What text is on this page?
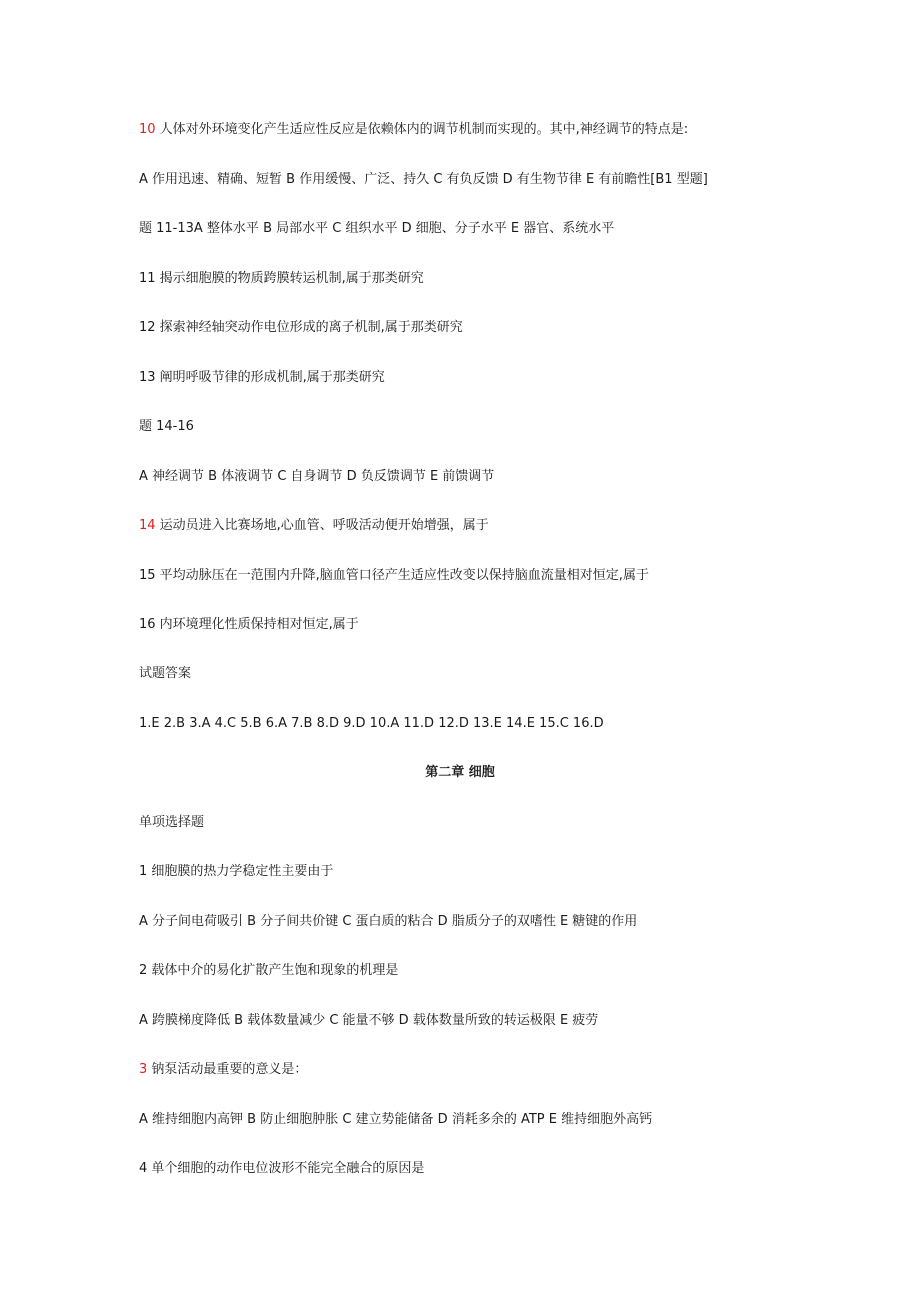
10 人体对外环境变化产生适应性反应是依赖体内的调节机制而实现的。其中,神经调节的特点是:
A 作用迅速、精确、短暂 B 作用缓慢、广泛、持久 C 有负反馈 D 有生物节律 E 有前瞻性[B1 型题]
题 11-13A 整体水平 B 局部水平 C 组织水平 D 细胞、分子水平 E 器官、系统水平
11 揭示细胞膜的物质跨膜转运机制,属于那类研究
12 探索神经轴突动作电位形成的离子机制,属于那类研究
13 阐明呼吸节律的形成机制,属于那类研究
题 14-16
A 神经调节 B 体液调节 C 自身调节 D 负反馈调节 E 前馈调节
14 运动员进入比赛场地,心血管、呼吸活动便开始增强，属于
15 平均动脉压在一范围内升降,脑血管口径产生适应性改变以保持脑血流量相对恒定,属于
16 内环境理化性质保持相对恒定,属于
试题答案
1.E 2.B 3.A 4.C 5.B 6.A 7.B 8.D 9.D 10.A 11.D 12.D 13.E 14.E 15.C 16.D
第二章 细胞
单项选择题
1 细胞膜的热力学稳定性主要由于
A 分子间电荷吸引 B 分子间共价键 C 蛋白质的粘合 D 脂质分子的双嗜性 E 糖键的作用
2 载体中介的易化扩散产生饱和现象的机理是
A 跨膜梯度降低 B 载体数量减少 C 能量不够 D 载体数量所致的转运极限 E 疲劳
3 钠泵活动最重要的意义是：
A 维持细胞内高钾 B 防止细胞肿胀 C 建立势能储备 D 消耗多余的 ATP E 维持细胞外高钙
4 单个细胞的动作电位波形不能完全融合的原因是
